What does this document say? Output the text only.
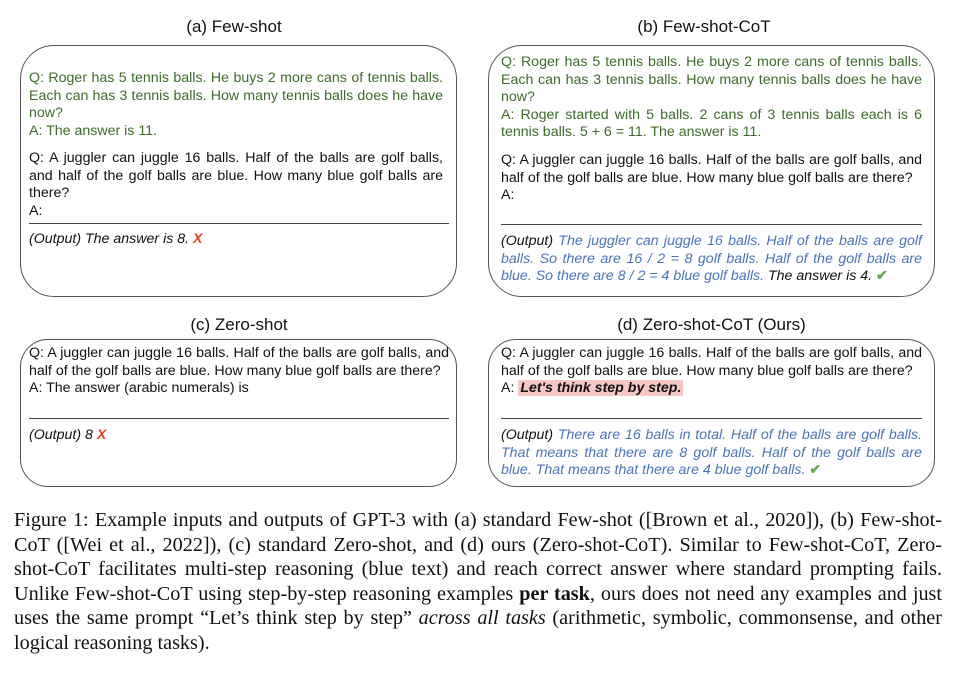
(a) Few-shot

Q: Roger has 5 tennis balls. He buys 2 more cans of tennis balls. Each can has 3 tennis balls. How many tennis balls does he have now?

A: The answer is 11.

Q: A juggler can juggle 16 balls. Half of the balls are golf balls, and half of the golf balls are blue. How many blue golf balls are there?

A:

(Output) The answer is 8. X
(b) Few-shot-CoT

Q: Roger has 5 tennis balls. He buys 2 more cans of tennis balls. Each can has 3 tennis balls. How many tennis balls does he have now?

A: Roger started with 5 balls. 2 cans of 3 tennis balls each is 6 tennis balls. 5 + 6 = 11. The answer is 11.

Q: A juggler can juggle 16 balls. Half of the balls are golf balls, and half of the golf balls are blue. How many blue golf balls are there?

A:

(Output) The juggler can juggle 16 balls. Half of the balls are golf balls. So there are 16 / 2 = 8 golf balls. Half of the golf balls are blue. So there are 8 / 2 = 4 blue golf balls. The answer is 4. ✔
(c) Zero-shot

Q: A juggler can juggle 16 balls. Half of the balls are golf balls, and half of the golf balls are blue. How many blue golf balls are there?

A: The answer (arabic numerals) is

(Output) 8 X
(d) Zero-shot-CoT (Ours)

Q: A juggler can juggle 16 balls. Half of the balls are golf balls, and half of the golf balls are blue. How many blue golf balls are there?

A: Let's think step by step.

(Output) There are 16 balls in total. Half of the balls are golf balls. That means that there are 8 golf balls. Half of the golf balls are blue. That means that there are 4 blue golf balls. ✔
Figure 1: Example inputs and outputs of GPT-3 with (a) standard Few-shot ([Brown et al., 2020]), (b) Few-shot-CoT ([Wei et al., 2022]), (c) standard Zero-shot, and (d) ours (Zero-shot-CoT). Similar to Few-shot-CoT, Zero-shot-CoT facilitates multi-step reasoning (blue text) and reach correct answer where standard prompting fails. Unlike Few-shot-CoT using step-by-step reasoning examples per task, ours does not need any examples and just uses the same prompt “Let’s think step by step” across all tasks (arithmetic, symbolic, commonsense, and other logical reasoning tasks).
